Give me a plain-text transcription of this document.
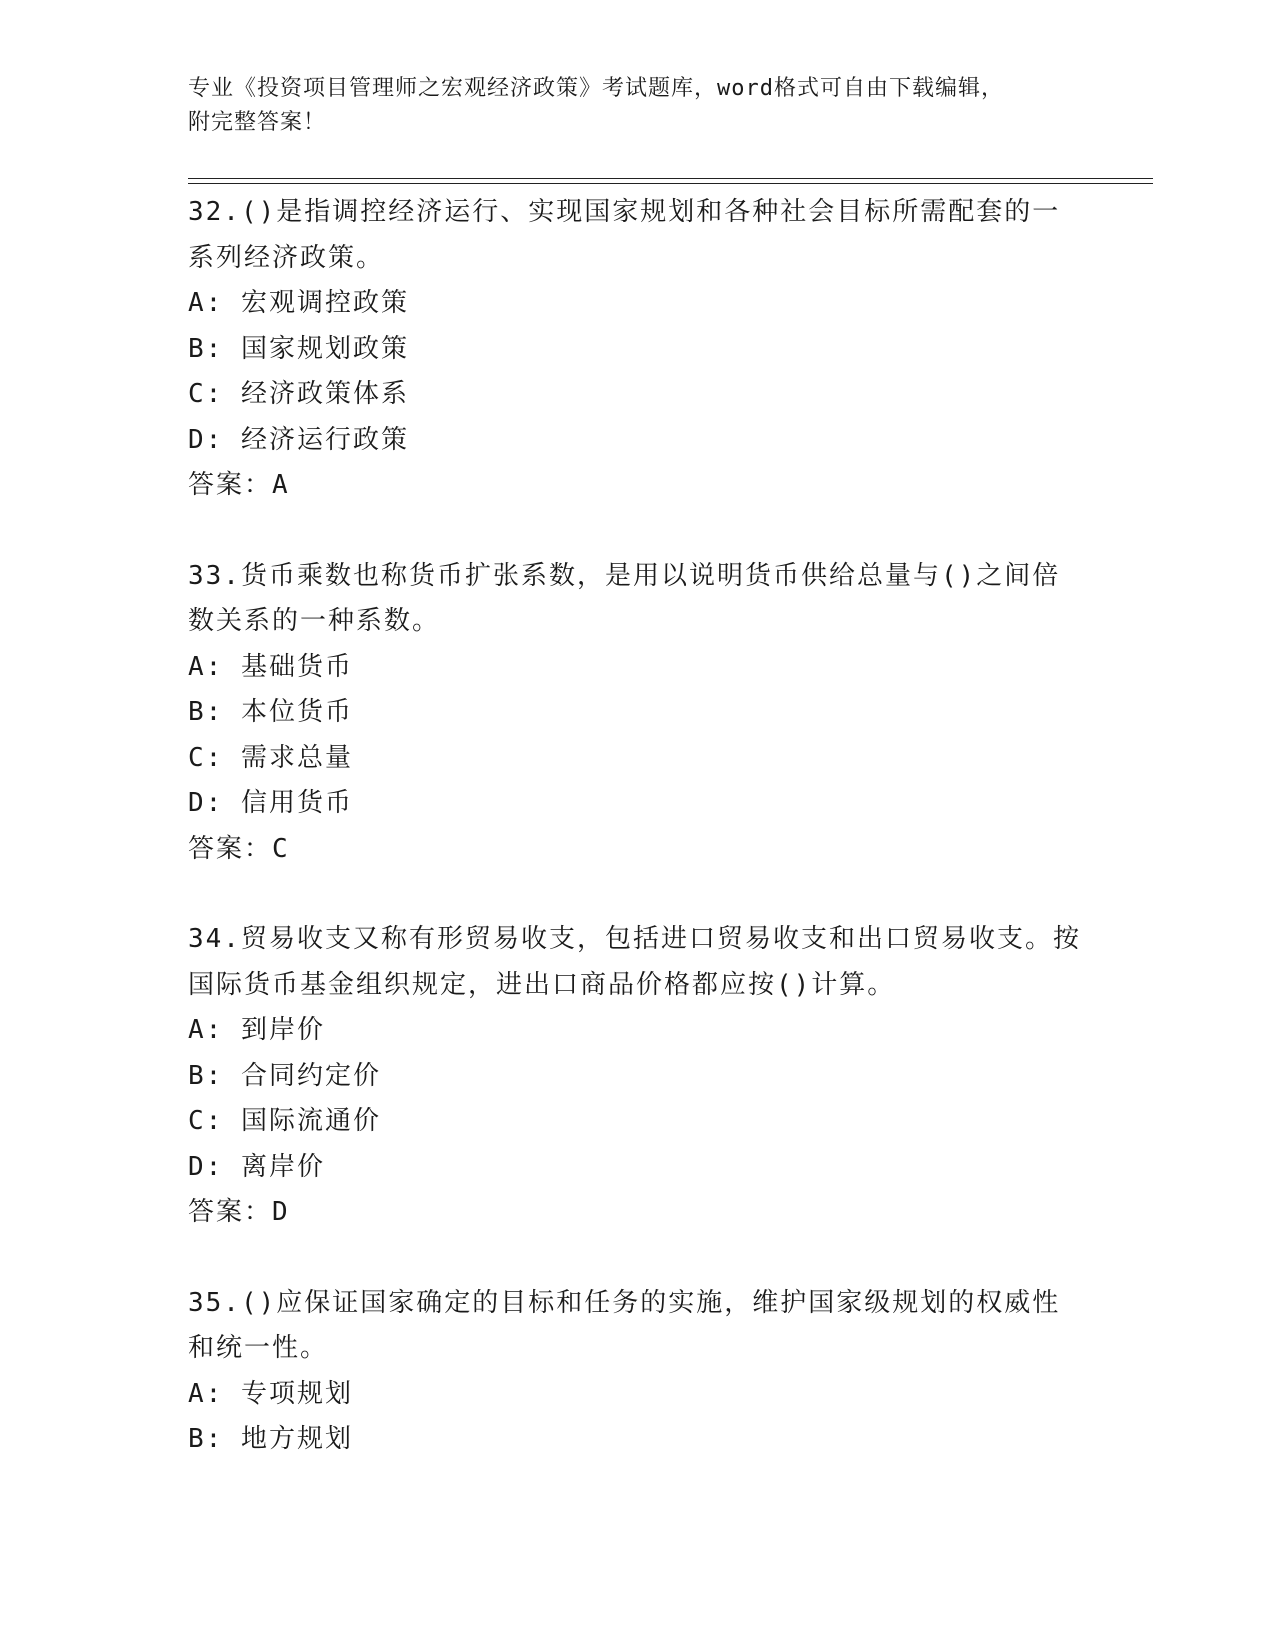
专业《投资项目管理师之宏观经济政策》考试题库，word格式可自由下载编辑，
附完整答案！
32.()是指调控经济运行、实现国家规划和各种社会目标所需配套的一系列经济政策。
A: 宏观调控政策
B: 国家规划政策
C: 经济政策体系
D: 经济运行政策
答案：A
33.货币乘数也称货币扩张系数，是用以说明货币供给总量与()之间倍数关系的一种系数。
A: 基础货币
B: 本位货币
C: 需求总量
D: 信用货币
答案：C
34.贸易收支又称有形贸易收支，包括进口贸易收支和出口贸易收支。按国际货币基金组织规定，进出口商品价格都应按()计算。
A: 到岸价
B: 合同约定价
C: 国际流通价
D: 离岸价
答案：D
35.()应保证国家确定的目标和任务的实施，维护国家级规划的权威性和统一性。
A: 专项规划
B: 地方规划
